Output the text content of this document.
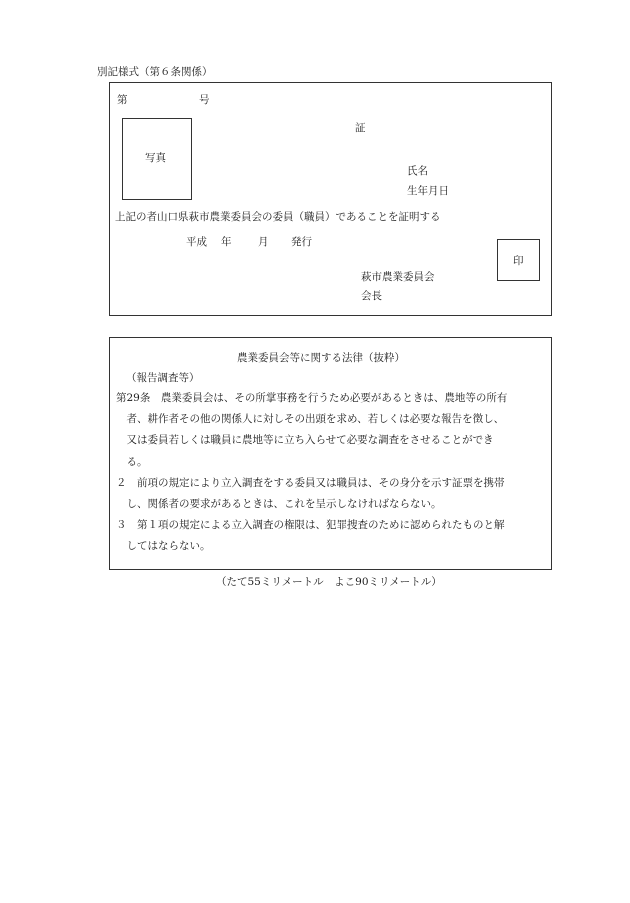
別記様式（第６条関係）
第	号
写真
証
氏名
生年月日
上記の者山口県萩市農業委員会の委員（職員）であることを証明する
平成 年	月 発行
印
萩市農業委員会
会長
農業委員会等に関する法律（抜粋）
（報告調査等）
第29条　農業委員会は、その所掌事務を行うため必要があるときは、農地等の所有
　者、耕作者その他の関係人に対しその出頭を求め、若しくは必要な報告を徴し、
　又は委員若しくは職員に農地等に立ち入らせて必要な調査をさせることができ
　る。
２　前項の規定により立入調査をする委員又は職員は、その身分を示す証票を携帯
　し、関係者の要求があるときは、これを呈示しなければならない。
３　第１項の規定による立入調査の権限は、犯罪捜査のために認められたものと解
　してはならない。
（たて55ミリメートル　よこ90ミリメートル）
